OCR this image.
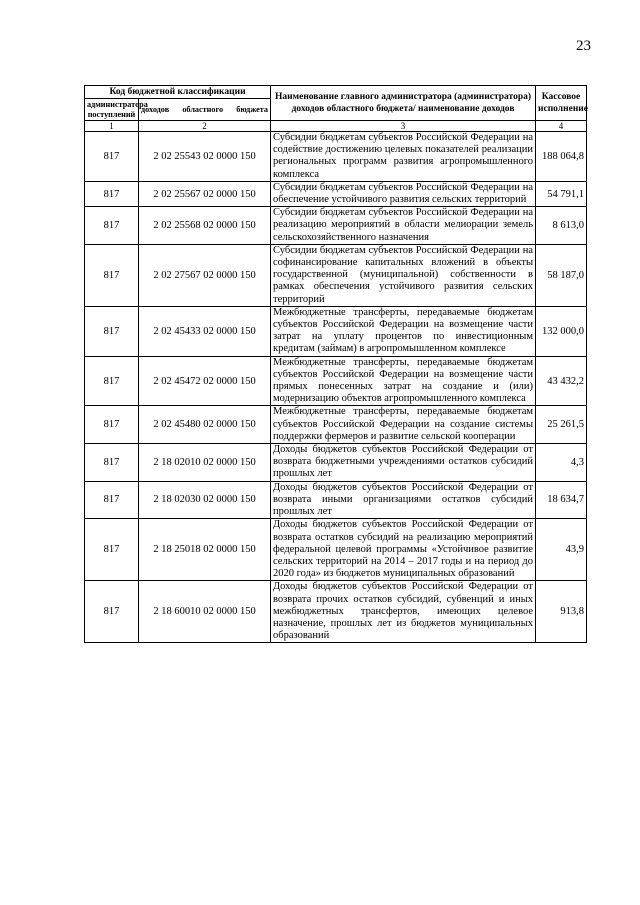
23
Код бюджетной классификации		Наименование главного администратора (администратора) доходов областного бюджета/ наименование доходов	Кассовое исполнение
администратора поступлений	доходов областного бюджета		
1	2	3	4
817	2 02 25543 02 0000 150	Субсидии бюджетам субъектов Российской Федерации на содействие достижению целевых показателей реализации региональных программ развития агропромышленного комплекса	188 064,8
817	2 02 25567 02 0000 150	Субсидии бюджетам субъектов Российской Федерации на обеспечение устойчивого развития сельских территорий	54 791,1
817	2 02 25568 02 0000 150	Субсидии бюджетам субъектов Российской Федерации на реализацию мероприятий в области мелиорации земель сельскохозяйственного назначения	8 613,0
817	2 02 27567 02 0000 150	Субсидии бюджетам субъектов Российской Федерации на софинансирование капитальных вложений в объекты государственной (муниципальной) собственности в рамках обеспечения устойчивого развития сельских территорий	58 187,0
817	2 02 45433 02 0000 150	Межбюджетные трансферты, передаваемые бюджетам субъектов Российской Федерации на возмещение части затрат на уплату процентов по инвестиционным кредитам (займам) в агропромышленном комплексе	132 000,0
817	2 02 45472 02 0000 150	Межбюджетные трансферты, передаваемые бюджетам субъектов Российской Федерации на возмещение части прямых понесенных затрат на создание и (или) модернизацию объектов агропромышленного комплекса	43 432,2
817	2 02 45480 02 0000 150	Межбюджетные трансферты, передаваемые бюджетам субъектов Российской Федерации на создание системы поддержки фермеров и развитие сельской кооперации	25 261,5
817	2 18 02010 02 0000 150	Доходы бюджетов субъектов Российской Федерации от возврата бюджетными учреждениями остатков субсидий прошлых лет	4,3
817	2 18 02030 02 0000 150	Доходы бюджетов субъектов Российской Федерации от возврата иными организациями остатков субсидий прошлых лет	18 634,7
817	2 18 25018 02 0000 150	Доходы бюджетов субъектов Российской Федерации от возврата остатков субсидий на реализацию мероприятий федеральной целевой программы «Устойчивое развитие сельских территорий на 2014 – 2017 годы и на период до 2020 года» из бюджетов муниципальных образований	43,9
817	2 18 60010 02 0000 150	Доходы бюджетов субъектов Российской Федерации от возврата прочих остатков субсидий, субвенций и иных межбюджетных трансфертов, имеющих целевое назначение, прошлых лет из бюджетов муниципальных образований	913,8
